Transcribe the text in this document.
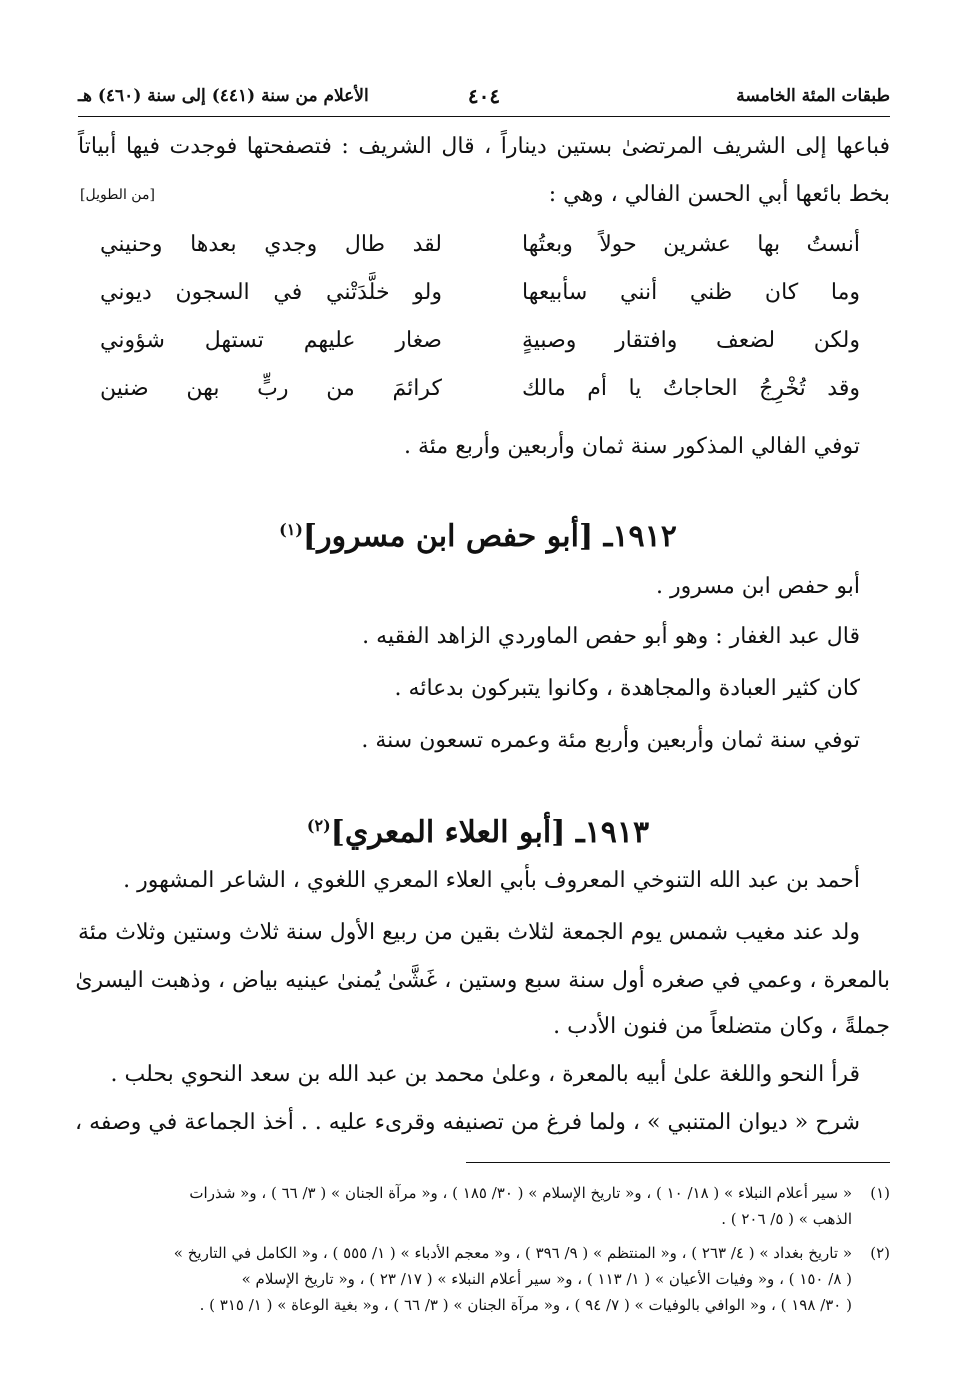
طبقات المئة الخامسة
٤٠٤
الأعلام من سنة (٤٤١) إلى سنة (٤٦٠) هـ
فباعها إلى الشريف المرتضىٰ بستين ديناراً ، قال الشريف : فتصفحتها فوجدت فيها أبياتاً
بخط بائعها أبي الحسن الفالي ، وهي :
[من الطويل]
أنستُ بها عشرين حولاً وبعتُها
لقد طال وجدي بعدها وحنيني
وما كان ظني أنني سأبيعها
ولو خلَّدَتْني في السجون ديوني
ولكن لضعف وافتقار وصبيةٍ
صغار عليهم تستهل شؤوني
وقد تُخْرِجُ الحاجاتُ يا أم مالك
كرائمَ من ربٍّ بهن ضنين
توفي الفالي المذكور سنة ثمان وأربعين وأربع مئة .
١٩١٢ـ [أبو حفص ابن مسرور]$^{(١)}$
أبو حفص ابن مسرور .
قال عبد الغفار : وهو أبو حفص الماوردي الزاهد الفقيه .
كان كثير العبادة والمجاهدة ، وكانوا يتبركون بدعائه .
توفي سنة ثمان وأربعين وأربع مئة وعمره تسعون سنة .
١٩١٣ـ [أبو العلاء المعري]$^{(٢)}$
أحمد بن عبد الله التنوخي المعروف بأبي العلاء المعري اللغوي ، الشاعر المشهور .
ولد عند مغيب شمس يوم الجمعة لثلاث بقين من ربيع الأول سنة ثلاث وستين وثلاث مئة
بالمعرة ، وعمي في صغره أول سنة سبع وستين ، غَشَّىٰ يُمنىٰ عينيه بياض ، وذهبت اليسرىٰ
جملةً ، وكان متضلعاً من فنون الأدب .
قرأ النحو واللغة علىٰ أبيه بالمعرة ، وعلىٰ محمد بن عبد الله بن سعد النحوي بحلب .
شرح « ديوان المتنبي » ، ولما فرغ من تصنيفه وقرىء عليه . . أخذ الجماعة في وصفه ،
(١)
« سير أعلام النبلاء » ( ١٨/ ١٠ ) ، و« تاريخ الإسلام » ( ٣٠/ ١٨٥ ) ، و« مرآة الجنان » ( ٣/ ٦٦ ) ، و« شذرات
الذهب » ( ٥/ ٢٠٦ ) .
(٢)
« تاريخ بغداد » ( ٤/ ٢٦٣ ) ، و« المنتظم » ( ٩/ ٣٩٦ ) ، و« معجم الأدباء » ( ١/ ٥٥٥ ) ، و« الكامل في التاريخ »
( ٨/ ١٥٠ ) ، و« وفيات الأعيان » ( ١/ ١١٣ ) ، و« سير أعلام النبلاء » ( ١٧/ ٢٣ ) ، و« تاريخ الإسلام »
( ٣٠/ ١٩٨ ) ، و« الوافي بالوفيات » ( ٧/ ٩٤ ) ، و« مرآة الجنان » ( ٣/ ٦٦ ) ، و« بغية الوعاة » ( ١/ ٣١٥ ) .
